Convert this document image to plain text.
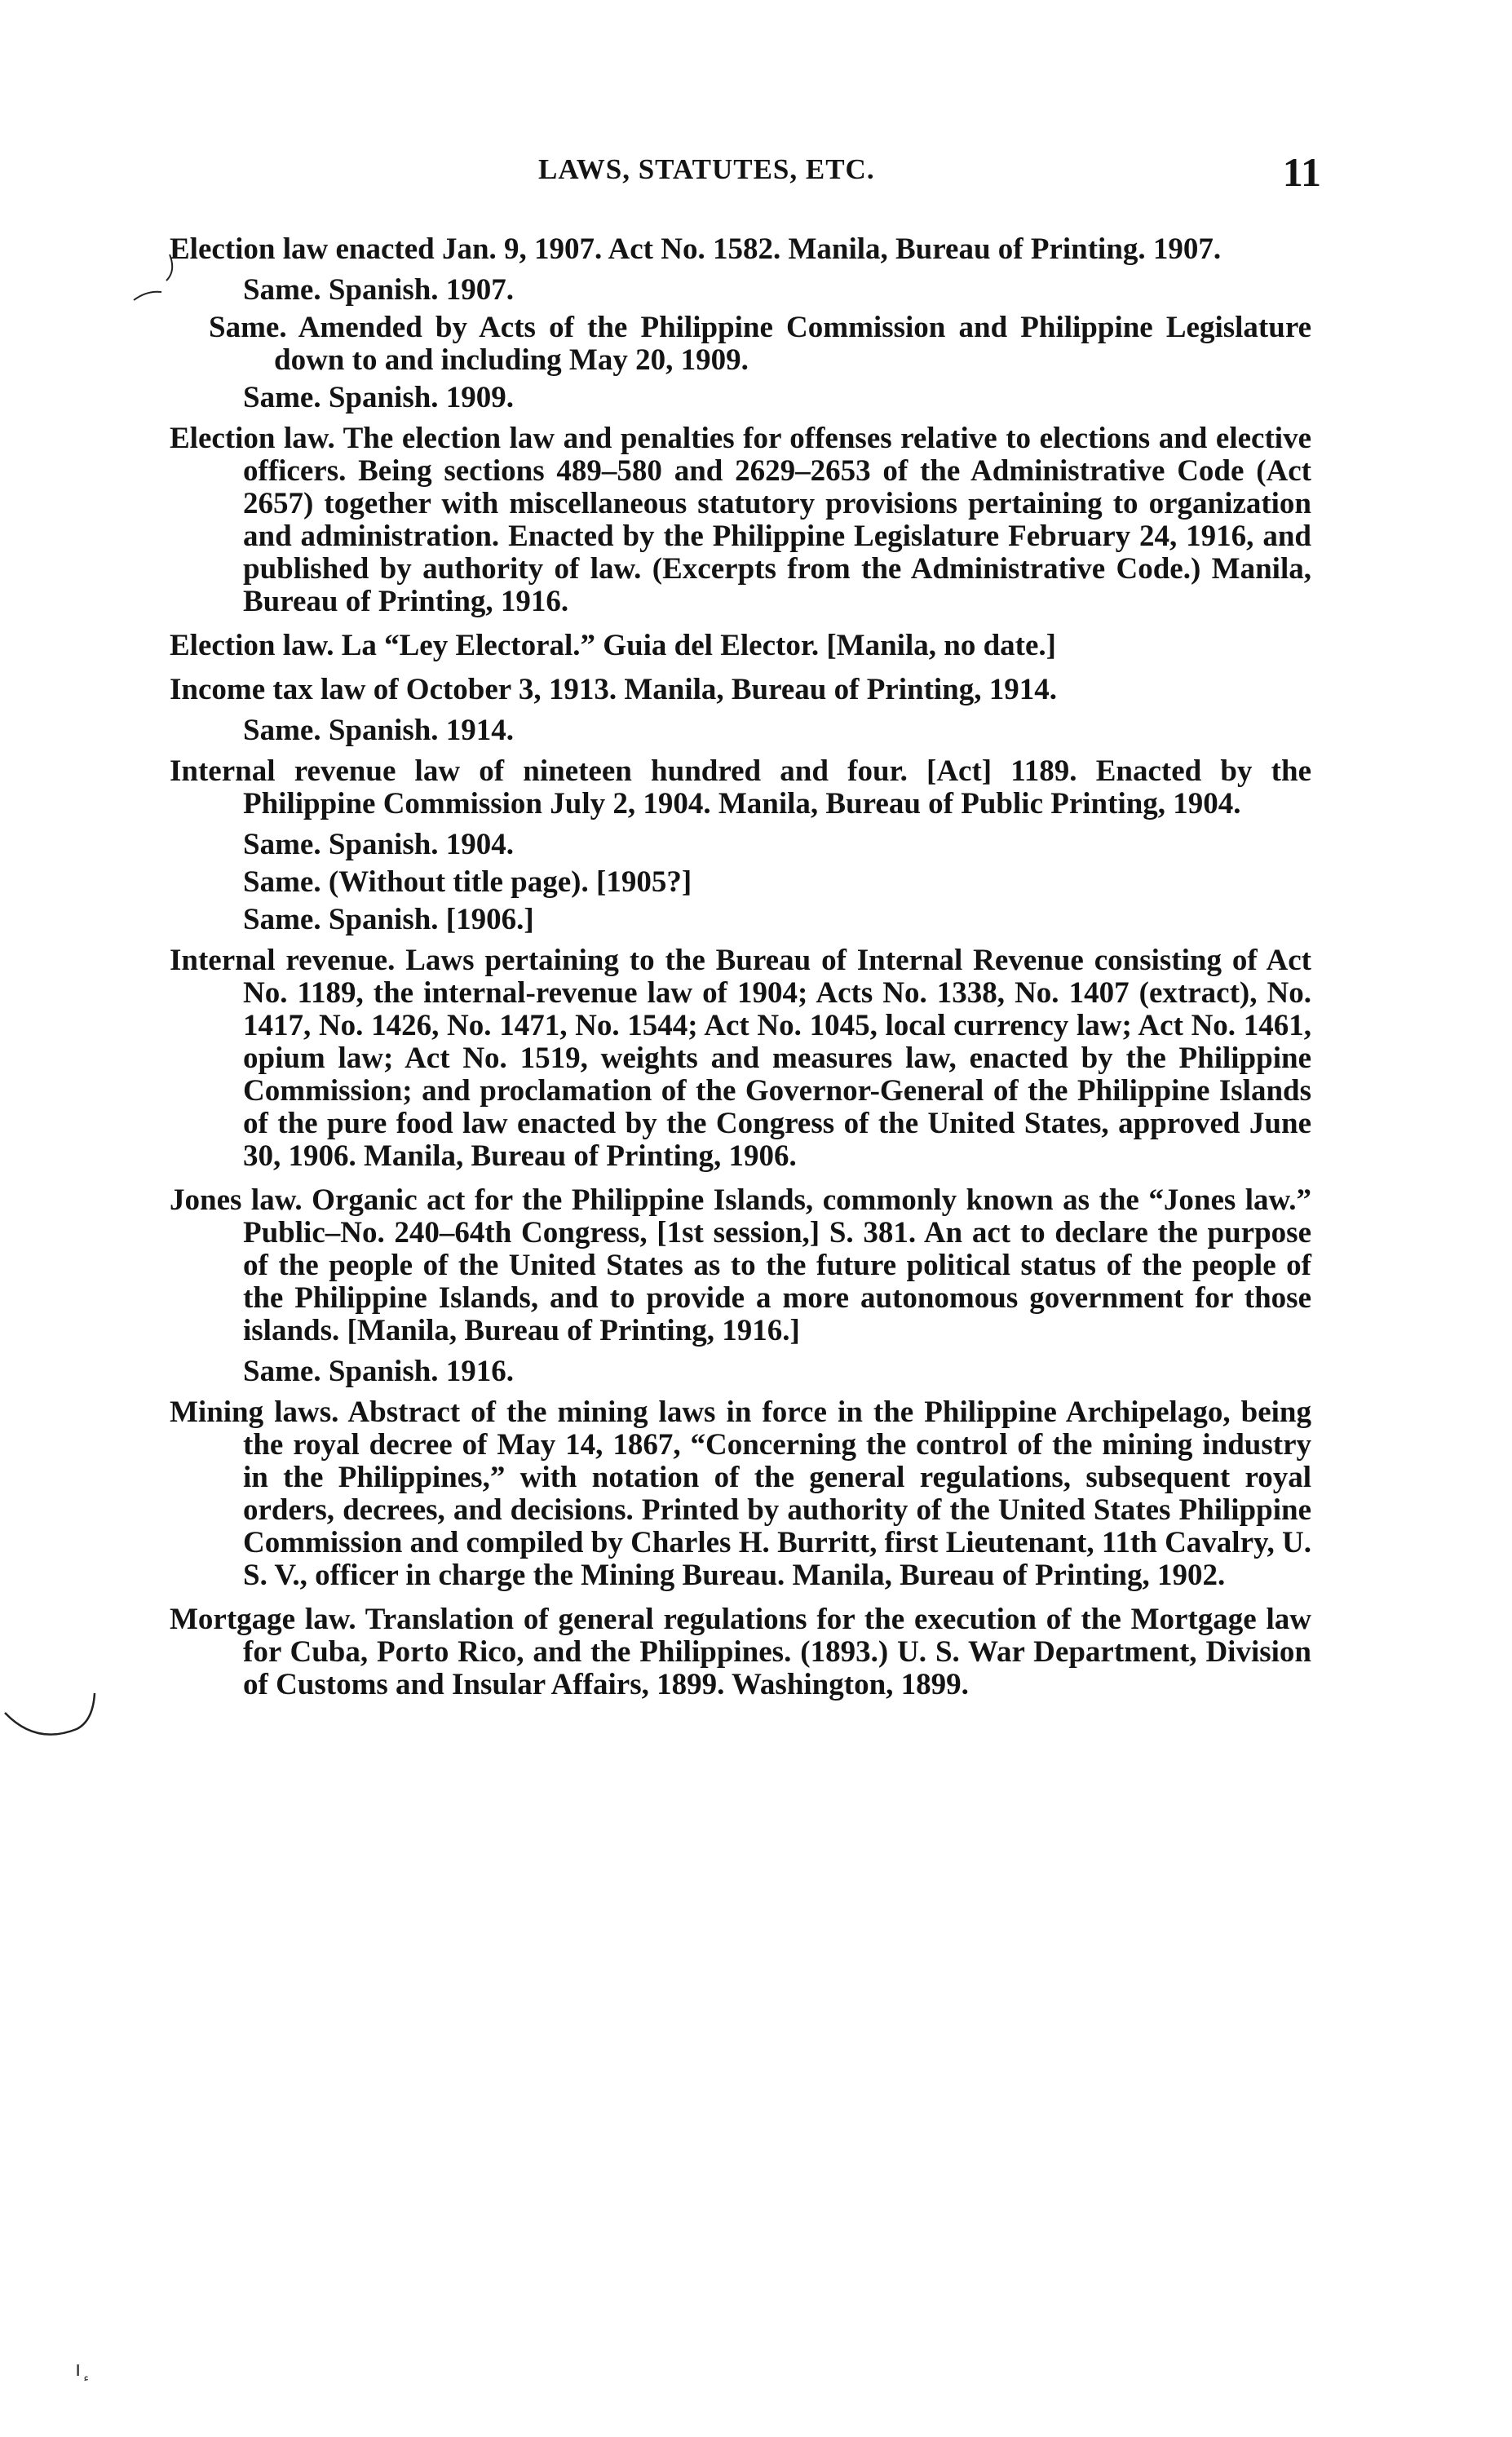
LAWS, STATUTES, ETC.	11

Election law enacted Jan. 9, 1907. Act No. 1582. Manila, Bureau of Printing. 1907.

Same. Spanish. 1907.

Same. Amended by Acts of the Philippine Commission and Philippine Legislature down to and including May 20, 1909.

Same. Spanish. 1909.

Election law. The election law and penalties for offenses relative to elections and elective officers. Being sections 489–580 and 2629–2653 of the Administrative Code (Act 2657) together with miscellaneous statutory provisions pertaining to organization and administration. Enacted by the Philippine Legislature February 24, 1916, and published by authority of law. (Excerpts from the Administrative Code.) Manila, Bureau of Printing, 1916.

Election law. La “Ley Electoral.” Guia del Elector. [Manila, no date.]

Income tax law of October 3, 1913. Manila, Bureau of Printing, 1914.

Same. Spanish. 1914.

Internal revenue law of nineteen hundred and four. [Act] 1189. Enacted by the Philippine Commission July 2, 1904. Manila, Bureau of Public Printing, 1904.

Same. Spanish. 1904.

Same. (Without title page). [1905?]

Same. Spanish. [1906.]

Internal revenue. Laws pertaining to the Bureau of Internal Revenue consisting of Act No. 1189, the internal-revenue law of 1904; Acts No. 1338, No. 1407 (extract), No. 1417, No. 1426, No. 1471, No. 1544; Act No. 1045, local currency law; Act No. 1461, opium law; Act No. 1519, weights and measures law, enacted by the Philippine Commission; and proclamation of the Governor-General of the Philippine Islands of the pure food law enacted by the Congress of the United States, approved June 30, 1906. Manila, Bureau of Printing, 1906.

Jones law. Organic act for the Philippine Islands, commonly known as the “Jones law.” Public–No. 240–64th Congress, [1st session,] S. 381. An act to declare the purpose of the people of the United States as to the future political status of the people of the Philippine Islands, and to provide a more autonomous government for those islands. [Manila, Bureau of Printing, 1916.]

Same. Spanish. 1916.

Mining laws. Abstract of the mining laws in force in the Philippine Archipelago, being the royal decree of May 14, 1867, “Concerning the control of the mining industry in the Philippines,” with notation of the general regulations, subsequent royal orders, decrees, and decisions. Printed by authority of the United States Philippine Commission and compiled by Charles H. Burritt, first Lieutenant, 11th Cavalry, U. S. V., officer in charge the Mining Bureau. Manila, Bureau of Printing, 1902.

Mortgage law. Translation of general regulations for the execution of the Mortgage law for Cuba, Porto Rico, and the Philippines. (1893.) U. S. War Department, Division of Customs and Insular Affairs, 1899. Washington, 1899.

ıٕ
